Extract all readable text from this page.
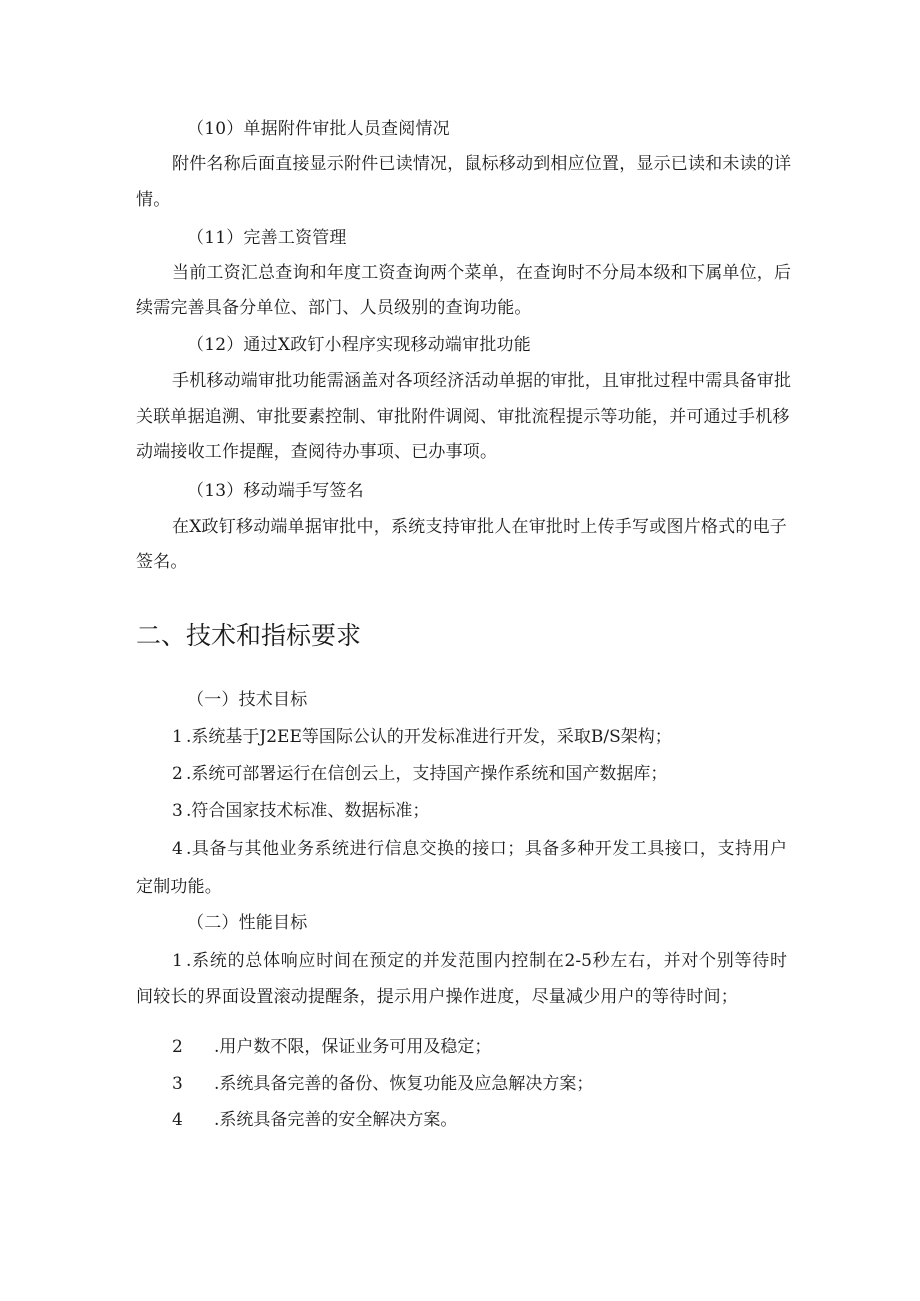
（10）单据附件审批人员查阅情况
附件名称后面直接显示附件已读情况，鼠标移动到相应位置，显示已读和未读的详
情。
（11）完善工资管理
当前工资汇总查询和年度工资查询两个菜单，在查询时不分局本级和下属单位，后
续需完善具备分单位、部门、人员级别的查询功能。
（12）通过X政钉小程序实现移动端审批功能
手机移动端审批功能需涵盖对各项经济活动单据的审批，且审批过程中需具备审批
关联单据追溯、审批要素控制、审批附件调阅、审批流程提示等功能，并可通过手机移
动端接收工作提醒，查阅待办事项、已办事项。
（13）移动端手写签名
在X政钉移动端单据审批中，系统支持审批人在审批时上传手写或图片格式的电子
签名。
二、技术和指标要求
（一）技术目标
1 .系统基于J2EE等国际公认的开发标准进行开发，采取B/S架构；
2 .系统可部署运行在信创云上，支持国产操作系统和国产数据库；
3 .符合国家技术标准、数据标准；
4 .具备与其他业务系统进行信息交换的接口；具备多种开发工具接口，支持用户
定制功能。
（二）性能目标
1 .系统的总体响应时间在预定的并发范围内控制在2-5秒左右，并对个别等待时
间较长的界面设置滚动提醒条，提示用户操作进度，尽量减少用户的等待时间；
2 .用户数不限，保证业务可用及稳定；
3 .系统具备完善的备份、恢复功能及应急解决方案；
4 .系统具备完善的安全解决方案。
